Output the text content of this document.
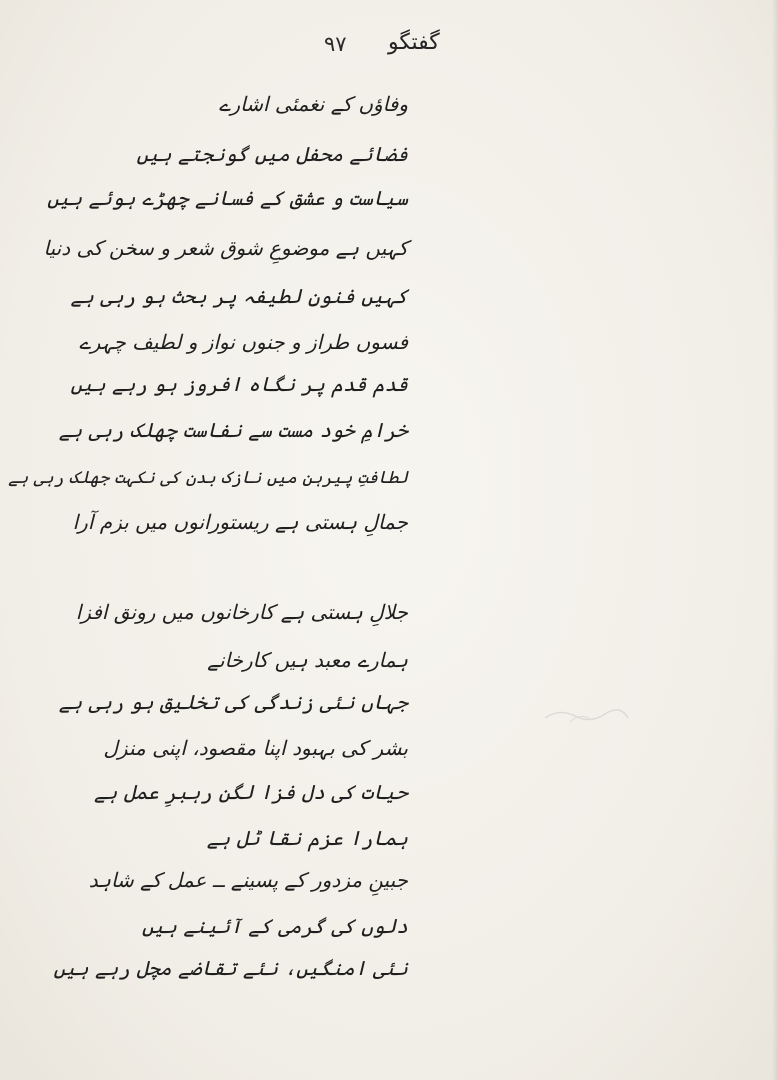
٩٧ گفتگو
وفاؤں کے نغمئی اشارے
فضائے محفل میں گونجتے ہیں
سیاست و عشق کے فسانے چھڑے ہوئے ہیں
کہیں ہے موضوعِ شوق شعر و سخن کی دنیا
کہیں فنونِ لطیفہ پر بحث ہو رہی ہے
فسوں طراز و جنوں نواز و لطیف چہرے
قدم قدم پر نگاہ افروز ہو رہے ہیں
خرامِ خود مست سے نفاست چھلک رہی ہے
لطافتِ پیرہن میں نازک بدن کی نکہت جھلک رہی ہے
جمالِ ہستی ہے ریستورانوں میں بزم آرا
جلالِ ہستی ہے کارخانوں میں رونق افزا
ہمارے معبد ہیں کارخانے
جہاں نئی زندگی کی تخلیق ہو رہی ہے
بشر کی بہبود اپنا مقصود، اپنی منزل
حیات کی دل فزا لگن رہبرِ عمل ہے
ہمارا عزم نقا ٹل ہے
جبینِ مزدور کے پسینے ــ عمل کے شاہد
دلوں کی گرمی کے آئینے ہیں
نئی امنگیں، نئے تقاضے مچل رہے ہیں
